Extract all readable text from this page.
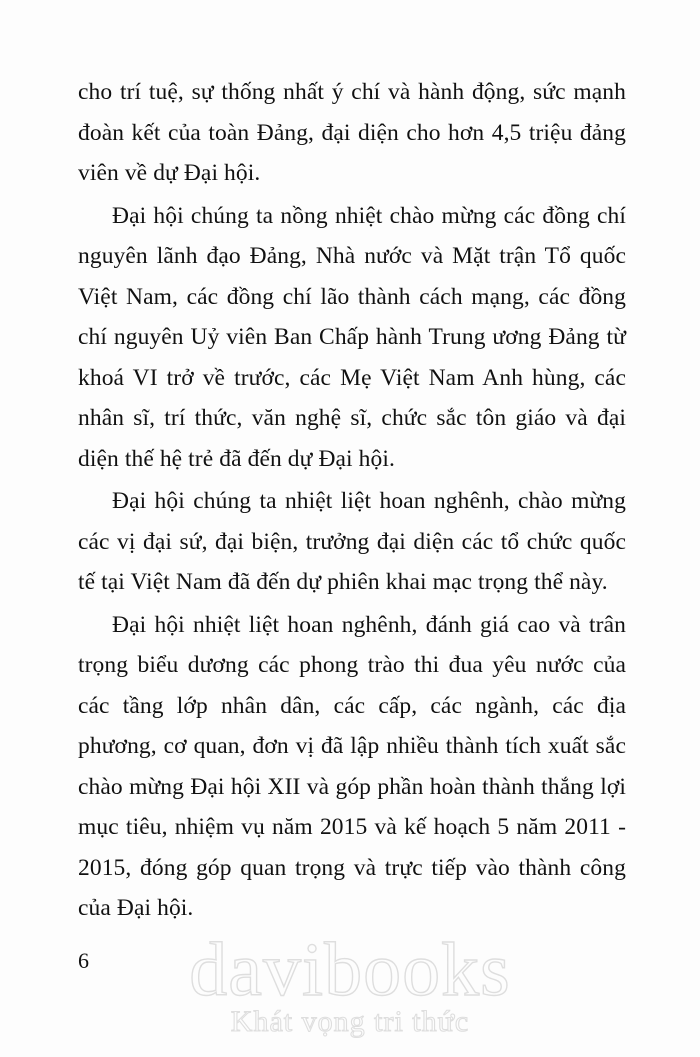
cho trí tuệ, sự thống nhất ý chí và hành động, sức mạnh đoàn kết của toàn Đảng, đại diện cho hơn 4,5 triệu đảng viên về dự Đại hội.

Đại hội chúng ta nồng nhiệt chào mừng các đồng chí nguyên lãnh đạo Đảng, Nhà nước và Mặt trận Tổ quốc Việt Nam, các đồng chí lão thành cách mạng, các đồng chí nguyên Uỷ viên Ban Chấp hành Trung ương Đảng từ khoá VI trở về trước, các Mẹ Việt Nam Anh hùng, các nhân sĩ, trí thức, văn nghệ sĩ, chức sắc tôn giáo và đại diện thế hệ trẻ đã đến dự Đại hội.

Đại hội chúng ta nhiệt liệt hoan nghênh, chào mừng các vị đại sứ, đại biện, trưởng đại diện các tổ chức quốc tế tại Việt Nam đã đến dự phiên khai mạc trọng thể này.

Đại hội nhiệt liệt hoan nghênh, đánh giá cao và trân trọng biểu dương các phong trào thi đua yêu nước của các tầng lớp nhân dân, các cấp, các ngành, các địa phương, cơ quan, đơn vị đã lập nhiều thành tích xuất sắc chào mừng Đại hội XII và góp phần hoàn thành thắng lợi mục tiêu, nhiệm vụ năm 2015 và kế hoạch 5 năm 2011 - 2015, đóng góp quan trọng và trực tiếp vào thành công của Đại hội.

6	davibooks
Khát vọng tri thức
